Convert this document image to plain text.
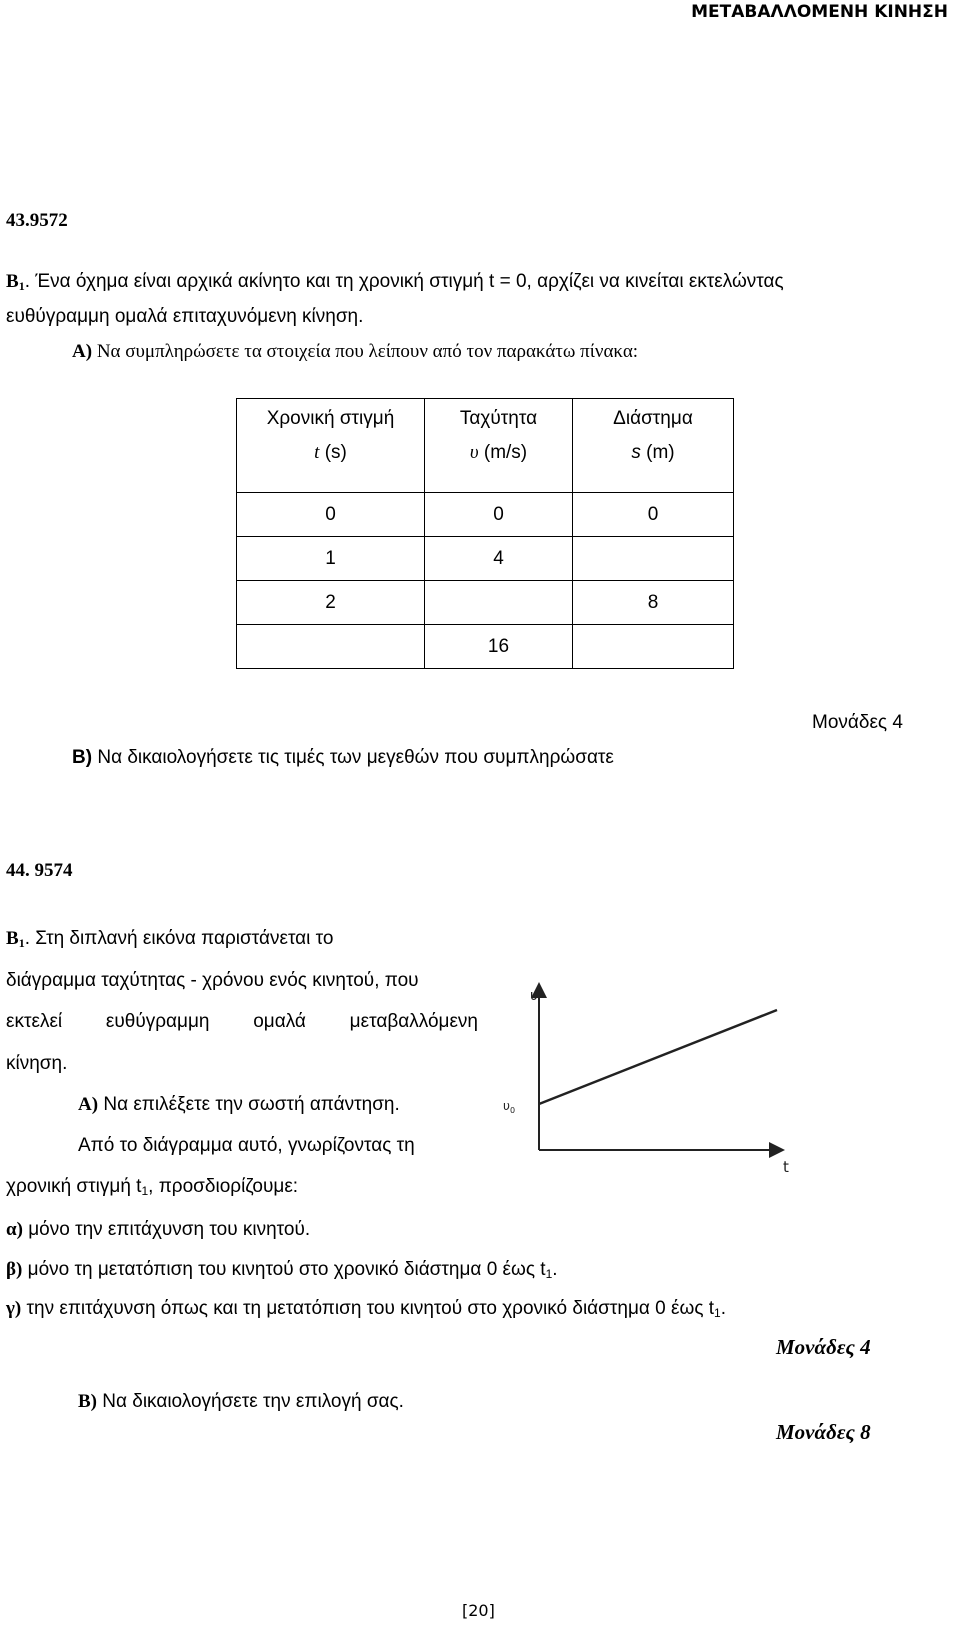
ΜΕΤΑΒΑΛΛΟΜΕΝΗ ΚΙΝΗΣΗ
43.9572
$B_1$. Ένα όχημα είναι αρχικά ακίνητο και τη χρονική στιγμή t = 0, αρχίζει να κινείται εκτελώντας
ευθύγραμμη ομαλά επιταχυνόμενη κίνηση.
Α) Να συμπληρώσετε τα στοιχεία που λείπουν από τον παρακάτω πίνακα:
Χρονική στιγμή	Ταχύτητα	Διάστημα
t (s)	υ (m/s)	s (m)
0	0	0
1	4	
2		8
	16	
Μονάδες 4
Β) Να δικαιολογήσετε τις τιμές των μεγεθών που συμπληρώσατε
44. 9574
$B_1$ . Στη διπλανή εικόνα παριστάνεται το
διάγραμμα ταχύτητας - χρόνου ενός κινητού, που
εκτελεί ευθύγραμμη ομαλά μεταβαλλόμενη
κίνηση.
Α) Να επιλέξετε την σωστή απάντηση.
Από το διάγραμμα αυτό, γνωρίζοντας τη
χρονική στιγμή $t_1$, προσδιορίζουμε:
α) μόνο την επιτάχυνση του κινητού.
β) μόνο τη μετατόπιση του κινητού στο χρονικό διάστημα 0 έως $t_1$.
γ) την επιτάχυνση όπως και τη μετατόπιση του κινητού στο χρονικό διάστημα 0 έως $t_1$.
Μονάδες 4
Β) Να δικαιολογήσετε την επιλογή σας.
Μονάδες 8
υ
t
$\upsilon_0$
[20]
